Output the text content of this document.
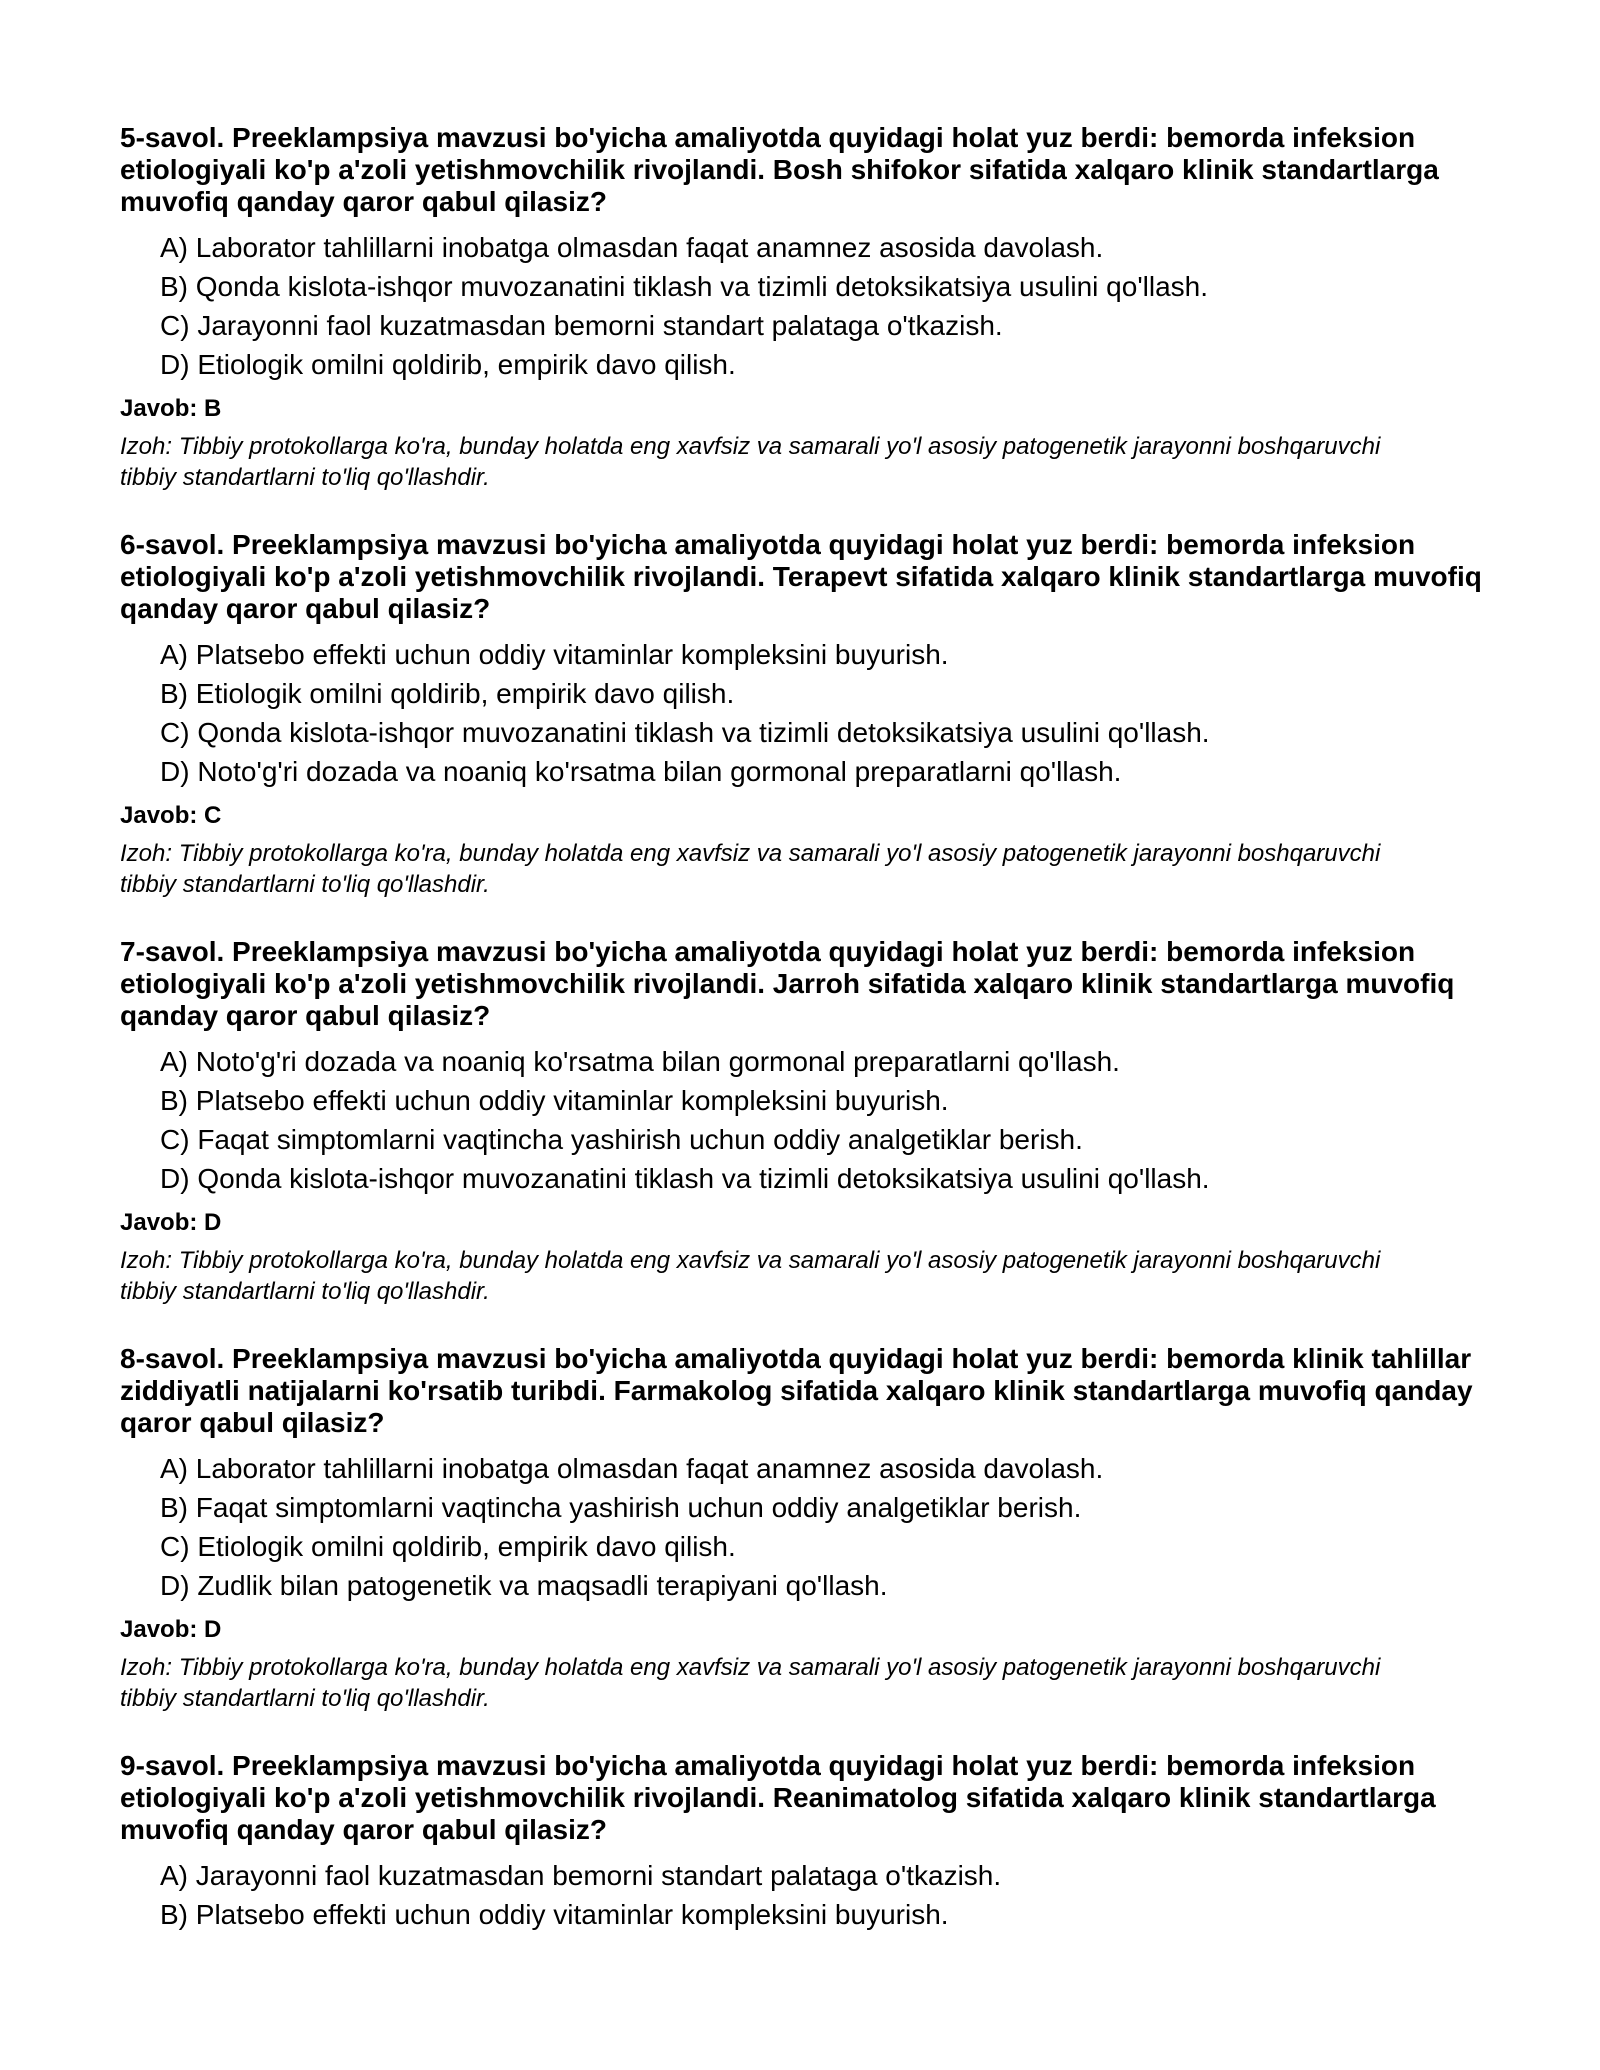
5-savol. Preeklampsiya mavzusi bo'yicha amaliyotda quyidagi holat yuz berdi: bemorda infeksion etiologiyali ko'p a'zoli yetishmovchilik rivojlandi. Bosh shifokor sifatida xalqaro klinik standartlarga muvofiq qanday qaror qabul qilasiz?

A) Laborator tahlillarni inobatga olmasdan faqat anamnez asosida davolash.
B) Qonda kislota-ishqor muvozanatini tiklash va tizimli detoksikatsiya usulini qo'llash.
C) Jarayonni faol kuzatmasdan bemorni standart palataga o'tkazish.
D) Etiologik omilni qoldirib, empirik davo qilish.
Javob: B
Izoh: Tibbiy protokollarga ko'ra, bunday holatda eng xavfsiz va samarali yo'l asosiy patogenetik jarayonni boshqaruvchi tibbiy standartlarni to'liq qo'llashdir.

6-savol. Preeklampsiya mavzusi bo'yicha amaliyotda quyidagi holat yuz berdi: bemorda infeksion etiologiyali ko'p a'zoli yetishmovchilik rivojlandi. Terapevt sifatida xalqaro klinik standartlarga muvofiq qanday qaror qabul qilasiz?

A) Platsebo effekti uchun oddiy vitaminlar kompleksini buyurish.
B) Etiologik omilni qoldirib, empirik davo qilish.
C) Qonda kislota-ishqor muvozanatini tiklash va tizimli detoksikatsiya usulini qo'llash.
D) Noto'g'ri dozada va noaniq ko'rsatma bilan gormonal preparatlarni qo'llash.
Javob: C
Izoh: Tibbiy protokollarga ko'ra, bunday holatda eng xavfsiz va samarali yo'l asosiy patogenetik jarayonni boshqaruvchi tibbiy standartlarni to'liq qo'llashdir.

7-savol. Preeklampsiya mavzusi bo'yicha amaliyotda quyidagi holat yuz berdi: bemorda infeksion etiologiyali ko'p a'zoli yetishmovchilik rivojlandi. Jarroh sifatida xalqaro klinik standartlarga muvofiq qanday qaror qabul qilasiz?

A) Noto'g'ri dozada va noaniq ko'rsatma bilan gormonal preparatlarni qo'llash.
B) Platsebo effekti uchun oddiy vitaminlar kompleksini buyurish.
C) Faqat simptomlarni vaqtincha yashirish uchun oddiy analgetiklar berish.
D) Qonda kislota-ishqor muvozanatini tiklash va tizimli detoksikatsiya usulini qo'llash.
Javob: D
Izoh: Tibbiy protokollarga ko'ra, bunday holatda eng xavfsiz va samarali yo'l asosiy patogenetik jarayonni boshqaruvchi tibbiy standartlarni to'liq qo'llashdir.

8-savol. Preeklampsiya mavzusi bo'yicha amaliyotda quyidagi holat yuz berdi: bemorda klinik tahlillar ziddiyatli natijalarni ko'rsatib turibdi. Farmakolog sifatida xalqaro klinik standartlarga muvofiq qanday qaror qabul qilasiz?

A) Laborator tahlillarni inobatga olmasdan faqat anamnez asosida davolash.
B) Faqat simptomlarni vaqtincha yashirish uchun oddiy analgetiklar berish.
C) Etiologik omilni qoldirib, empirik davo qilish.
D) Zudlik bilan patogenetik va maqsadli terapiyani qo'llash.
Javob: D
Izoh: Tibbiy protokollarga ko'ra, bunday holatda eng xavfsiz va samarali yo'l asosiy patogenetik jarayonni boshqaruvchi tibbiy standartlarni to'liq qo'llashdir.

9-savol. Preeklampsiya mavzusi bo'yicha amaliyotda quyidagi holat yuz berdi: bemorda infeksion etiologiyali ko'p a'zoli yetishmovchilik rivojlandi. Reanimatolog sifatida xalqaro klinik standartlarga muvofiq qanday qaror qabul qilasiz?

A) Jarayonni faol kuzatmasdan bemorni standart palataga o'tkazish.
B) Platsebo effekti uchun oddiy vitaminlar kompleksini buyurish.
